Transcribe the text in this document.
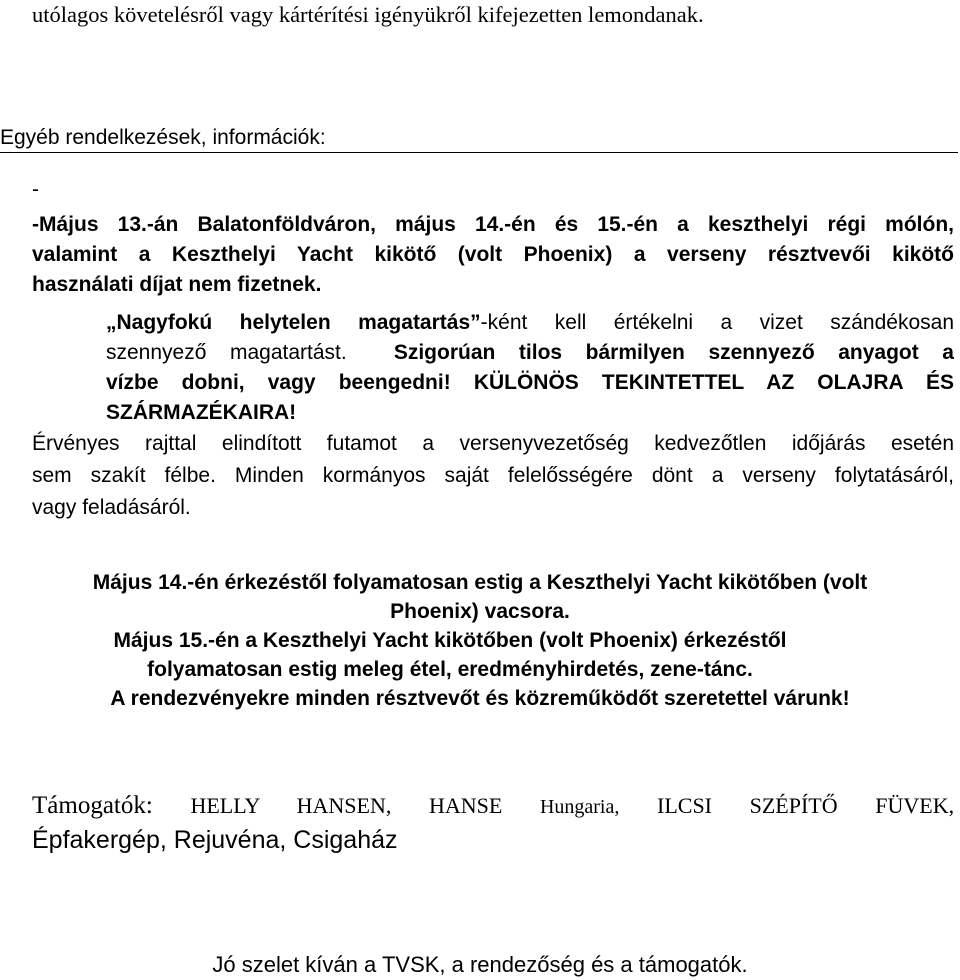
utólagos követelésről vagy kártérítési igényükről kifejezetten lemondanak.
Egyéb rendelkezések, információk:
-
-Május 13.-án Balatonföldváron, május 14.-én és 15.-én a keszthelyi régi mólón,
valamint a Keszthelyi Yacht kikötő (volt Phoenix) a verseny résztvevői kikötő
használati díjat nem fizetnek.
„Nagyfokú helytelen magatartás”-ként kell értékelni a vizet szándékosan
szennyező magatartást.  Szigorúan tilos bármilyen szennyező anyagot a
vízbe dobni, vagy beengedni! KÜLÖNÖS TEKINTETTEL AZ OLAJRA ÉS
SZÁRMAZÉKAIRA!
Érvényes rajttal elindított futamot a versenyvezetőség kedvezőtlen időjárás esetén
sem szakít félbe. Minden kormányos saját felelősségére dönt a verseny folytatásáról,
vagy feladásáról.
Május 14.-én érkezéstől folyamatosan estig a Keszthelyi Yacht kikötőben (volt
Phoenix) vacsora.
Május 15.-én a Keszthelyi Yacht kikötőben (volt Phoenix) érkezéstől
folyamatosan estig meleg étel, eredményhirdetés, zene-tánc.
A rendezvényekre minden résztvevőt és közreműködőt szeretettel várunk!
Támogatók: HELLY HANSEN, HANSE Hungaria, ILCSI SZÉPÍTŐ FÜVEK,
Épfakergép, Rejuvéna, Csigaház
Jó szelet kíván a TVSK, a rendezőség és a támogatók.
